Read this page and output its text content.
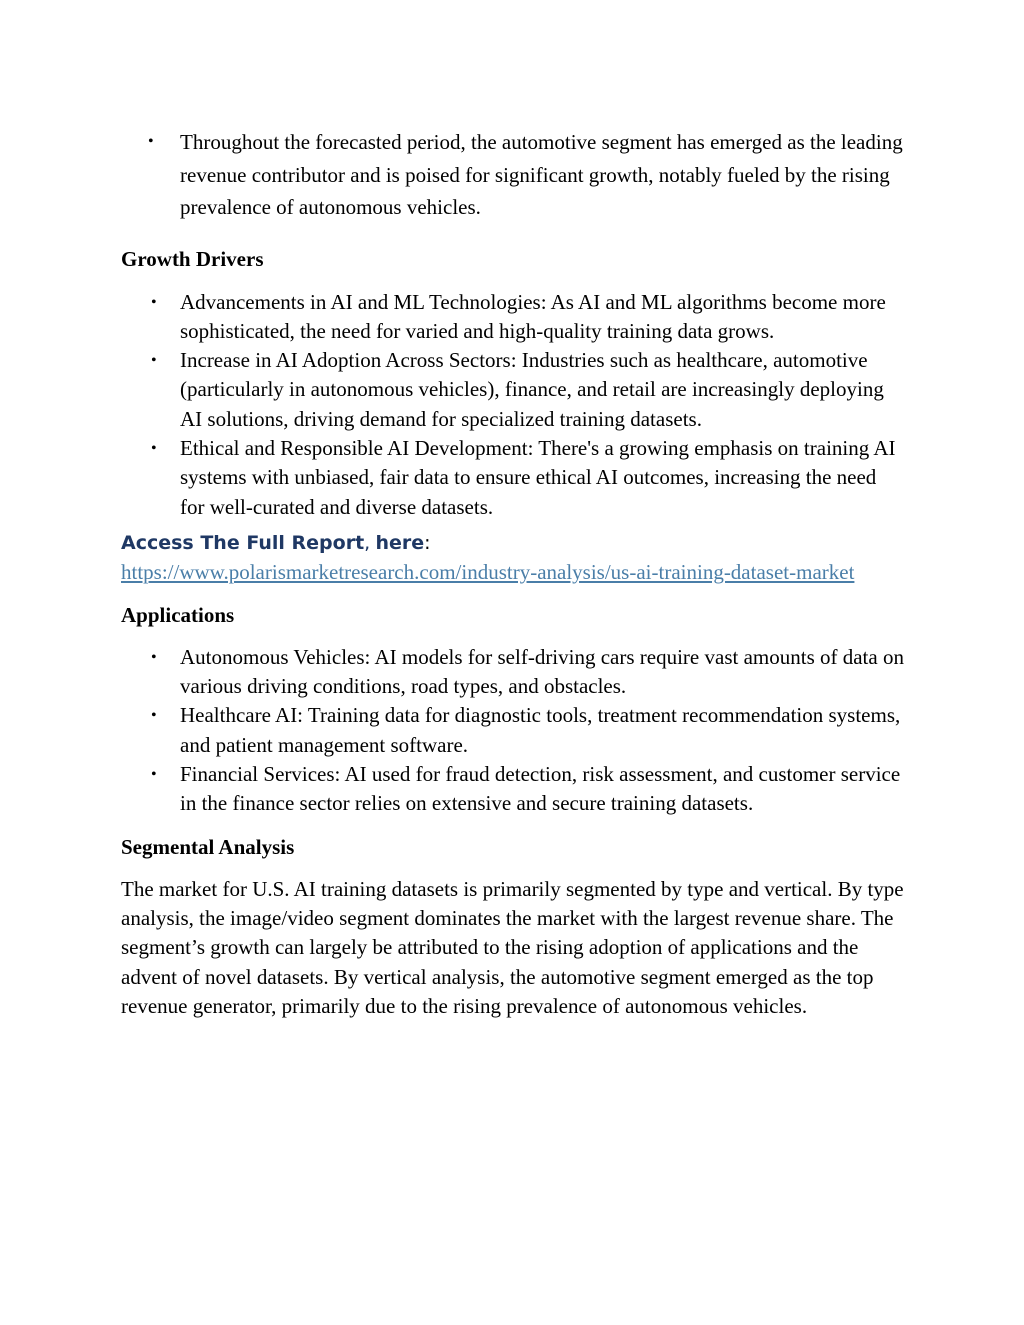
• Throughout the forecasted period, the automotive segment has emerged as the leading revenue contributor and is poised for significant growth, notably fueled by the rising prevalence of autonomous vehicles.
Growth Drivers
• Advancements in AI and ML Technologies: As AI and ML algorithms become more sophisticated, the need for varied and high-quality training data grows.
• Increase in AI Adoption Across Sectors: Industries such as healthcare, automotive (particularly in autonomous vehicles), finance, and retail are increasingly deploying AI solutions, driving demand for specialized training datasets.
• Ethical and Responsible AI Development: There's a growing emphasis on training AI systems with unbiased, fair data to ensure ethical AI outcomes, increasing the need for well-curated and diverse datasets.
Access The Full Report, here:
https://www.polarismarketresearch.com/industry-analysis/us-ai-training-dataset-market
Applications
• Autonomous Vehicles: AI models for self-driving cars require vast amounts of data on various driving conditions, road types, and obstacles.
• Healthcare AI: Training data for diagnostic tools, treatment recommendation systems, and patient management software.
• Financial Services: AI used for fraud detection, risk assessment, and customer service in the finance sector relies on extensive and secure training datasets.
Segmental Analysis

The market for U.S. AI training datasets is primarily segmented by type and vertical. By type analysis, the image/video segment dominates the market with the largest revenue share. The segment’s growth can largely be attributed to the rising adoption of applications and the advent of novel datasets. By vertical analysis, the automotive segment emerged as the top revenue generator, primarily due to the rising prevalence of autonomous vehicles.
